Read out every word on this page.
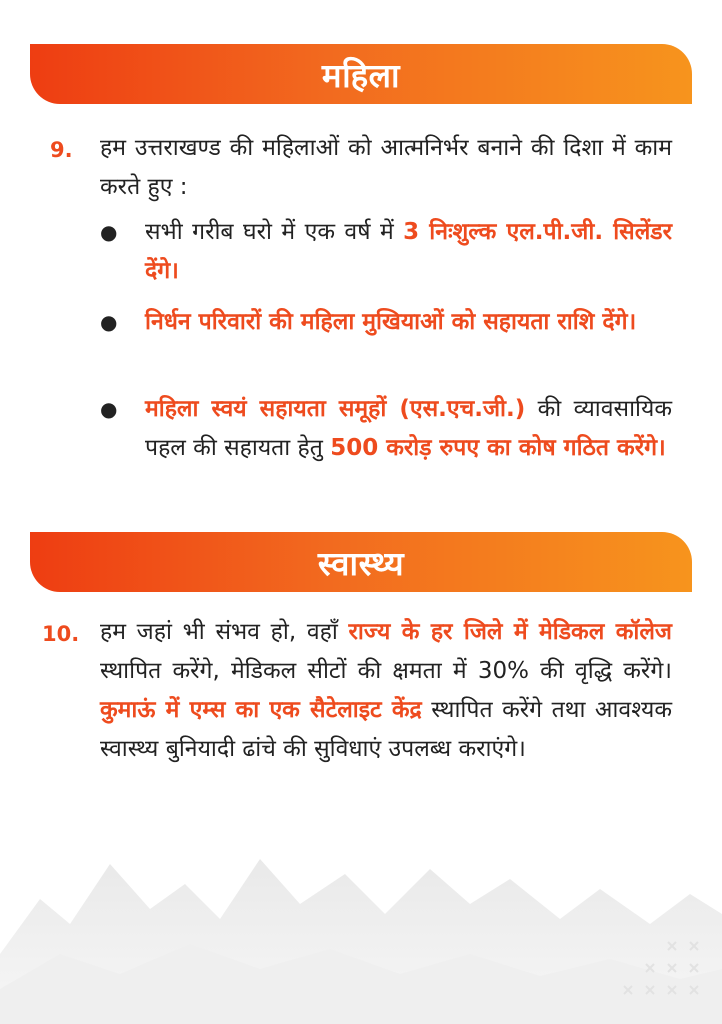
महिला
9. हम उत्तराखण्ड की महिलाओं को आत्मनिर्भर बनाने की दिशा में काम करते हुए :

● सभी गरीब घरो में एक वर्ष में 3 निःशुल्क एल.पी.जी. सिलेंडर देंगे।

● निर्धन परिवारों की महिला मुखियाओं को सहायता राशि देंगे।

● महिला स्वयं सहायता समूहों (एस.एच.जी.) की व्यावसायिक पहल की सहायता हेतु 500 करोड़ रुपए का कोष गठित करेंगे।

स्वास्थ्य
10. हम जहां भी संभव हो, वहाँ राज्य के हर जिले में मेडिकल कॉलेज स्थापित करेंगे, मेडिकल सीटों की क्षमता में 30% की वृद्धि करेंगे। कुमाऊं में एम्स का एक सैटेलाइट केंद्र स्थापित करेंगे तथा आवश्यक स्वास्थ्य बुनियादी ढांचे की सुविधाएं उपलब्ध कराएंगे।
